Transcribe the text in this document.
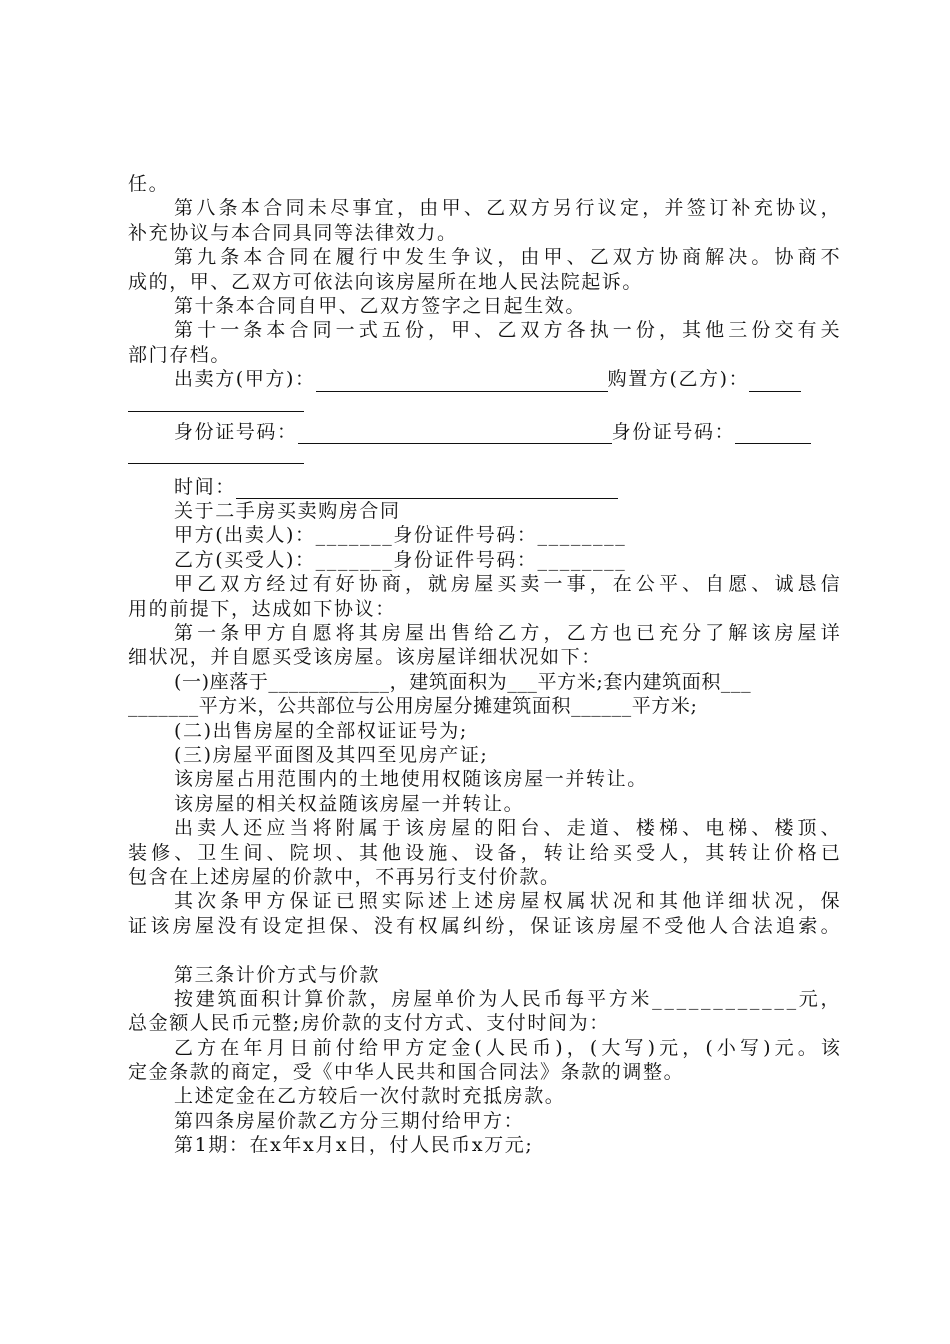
任。
第 八 条 本 合 同 未 尽 事 宜 ， 由 甲 、 乙 双 方 另 行 议 定 ， 并 签 订 补 充 协 议 ，
补充协议与本合同具同等法律效力。
第 九 条 本 合 同 在 履 行 中 发 生 争 议 ， 由 甲 、 乙 双 方 协 商 解 决 。 协 商 不
成的，甲、乙双方可依法向该房屋所在地人民法院起诉。
第十条本合同自甲、乙双方签字之日起生效。
第 十 一 条 本 合 同 一 式 五 份 ， 甲 、 乙 双 方 各 执 一 份 ， 其 他 三 份 交 有 关
部门存档。
出卖方(甲方)：	购置方(乙方)：
身份证号码：	身份证号码：
时间：
关于二手房买卖购房合同
甲方(出卖人)：_______身份证件号码：________
乙方(买受人)：_______身份证件号码：________
甲 乙 双 方 经 过 有 好 协 商 ， 就 房 屋 买 卖 一 事 ， 在 公 平 、 自 愿 、 诚 恳 信
用的前提下，达成如下协议：
第 一 条 甲 方 自 愿 将 其 房 屋 出 售 给 乙 方 ， 乙 方 也 已 充 分 了 解 该 房 屋 详
细状况，并自愿买受该房屋。该房屋详细状况如下：
(一)座落于____________，建筑面积为___平方米;套内建筑面积___
_______平方米，公共部位与公用房屋分摊建筑面积______平方米;
(二)出售房屋的全部权证证号为;
(三)房屋平面图及其四至见房产证;
该房屋占用范围内的土地使用权随该房屋一并转让。
该房屋的相关权益随该房屋一并转让。
出 卖 人 还 应 当 将 附 属 于 该 房 屋 的 阳 台 、 走 道 、 楼 梯 、 电 梯 、 楼 顶 、
装 修 、 卫 生 间 、 院 坝 、 其 他 设 施 、 设 备 ， 转 让 给 买 受 人 ， 其 转 让 价 格 已
包含在上述房屋的价款中，不再另行支付价款。
其 次 条 甲 方 保 证 已 照 实 际 述 上 述 房 屋 权 属 状 况 和 其 他 详 细 状 况 ， 保
证 该 房 屋 没 有 设 定 担 保 、 没 有 权 属 纠 纷 ， 保 证 该 房 屋 不 受 他 人 合 法 追 索 。
第三条计价方式与价款
按 建 筑 面 积 计 算 价 款 ， 房 屋 单 价 为 人 民 币 每 平 方 米 _ _ _ _ _ _ _ _ _ _ _ _ 元 ，
总金额人民币元整;房价款的支付方式、支付时间为：
乙 方 在 年 月 日 前 付 给 甲 方 定 金 ( 人 民 币 ) ， ( 大 写 ) 元 ， ( 小 写 ) 元 。 该
定金条款的商定，受《中华人民共和国合同法》条款的调整。
上述定金在乙方较后一次付款时充抵房款。
第四条房屋价款乙方分三期付给甲方：
第1期：在x年x月x日，付人民币x万元;
